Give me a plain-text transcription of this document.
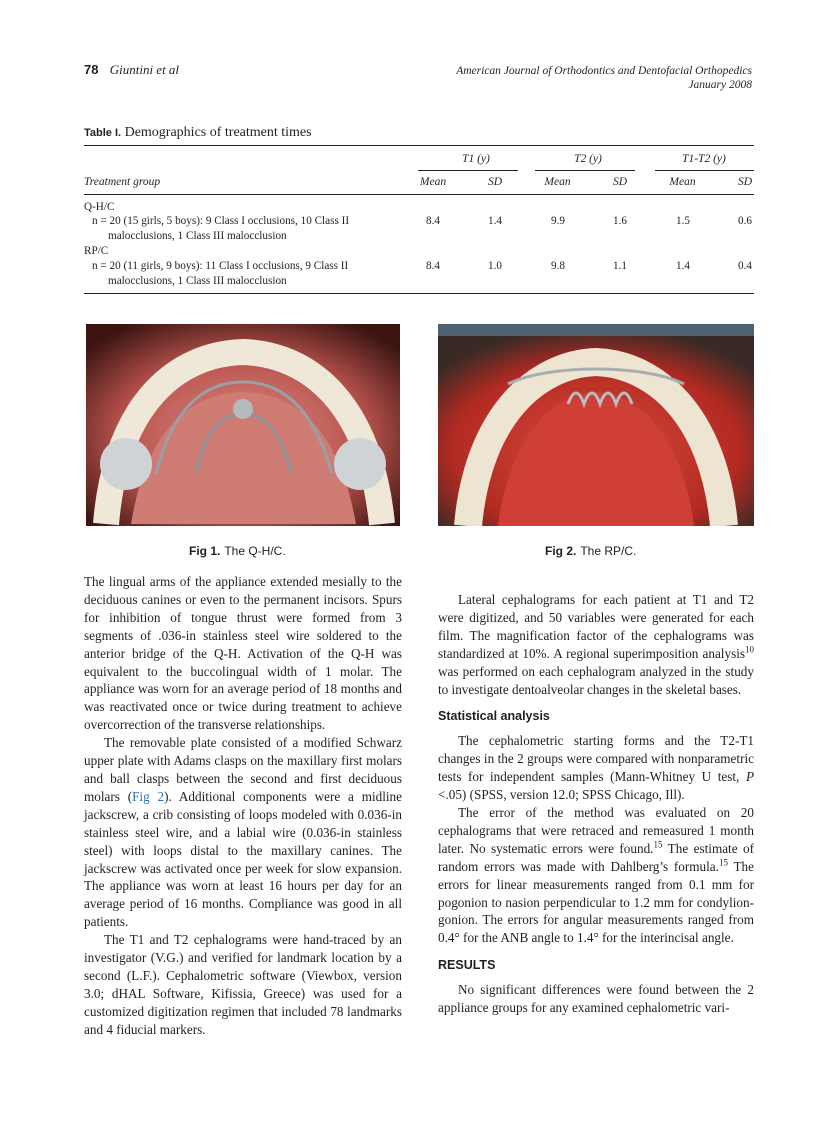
78 Giuntini et al	American Journal of Orthodontics and Dentofacial Orthopedics
January 2008
Table I. Demographics of treatment times
T1 (y)	T2 (y)	T1-T2 (y)
Treatment group	Mean	SD	Mean	SD	Mean	SD
Q-H/C
n = 20 (15 girls, 5 boys): 9 Class I occlusions, 10 Class II
malocclusions, 1 Class III malocclusion
8.4	1.4	9.9	1.6	1.5	0.6
RP/C
n = 20 (11 girls, 9 boys): 11 Class I occlusions, 9 Class II
malocclusions, 1 Class III malocclusion
8.4	1.0	9.8	1.1	1.4	0.4
Fig 1. The Q-H/C.	Fig 2. The RP/C.

The lingual arms of the appliance extended mesially to the deciduous canines or even to the permanent incisors. Spurs for inhibition of tongue thrust were formed from 3 segments of .036-in stainless steel wire soldered to the anterior bridge of the Q-H. Activation of the Q-H was equivalent to the buccolingual width of 1 molar. The appliance was worn for an average period of 18 months and was reactivated once or twice during treatment to achieve overcorrection of the transverse relationships.

The removable plate consisted of a modified Schwarz upper plate with Adams clasps on the maxillary first molars and ball clasps between the second and first deciduous molars (Fig 2). Additional components were a midline jackscrew, a crib consisting of loops modeled with 0.036-in stainless steel wire, and a labial wire (0.036-in stainless steel) with loops distal to the maxillary canines. The jackscrew was activated once per week for slow expansion. The appliance was worn at least 16 hours per day for an average period of 16 months. Compliance was good in all patients.

The T1 and T2 cephalograms were hand-traced by an investigator (V.G.) and verified for landmark location by a second (L.F.). Cephalometric software (Viewbox, version 3.0; dHAL Software, Kifissia, Greece) was used for a customized digitization regimen that included 78 landmarks and 4 fiducial markers.

Lateral cephalograms for each patient at T1 and T2 were digitized, and 50 variables were generated for each film. The magnification factor of the cephalograms was standardized at 10%. A regional superimposition analysis$^{10}$ was performed on each cephalogram analyzed in the study to investigate dentoalveolar changes in the skeletal bases.

Statistical analysis

The cephalometric starting forms and the T2-T1 changes in the 2 groups were compared with nonparametric tests for independent samples (Mann-Whitney U test, P <.05) (SPSS, version 12.0; SPSS Chicago, Ill).

The error of the method was evaluated on 20 cephalograms that were retraced and remeasured 1 month later. No systematic errors were found.$^{15}$ The estimate of random errors was made with Dahlberg’s formula.$^{15}$ The errors for linear measurements ranged from 0.1 mm for pogonion to nasion perpendicular to 1.2 mm for condylion-gonion. The errors for angular measurements ranged from 0.4° for the ANB angle to 1.4° for the interincisal angle.

RESULTS

No significant differences were found between the 2 appliance groups for any examined cephalometric vari-
